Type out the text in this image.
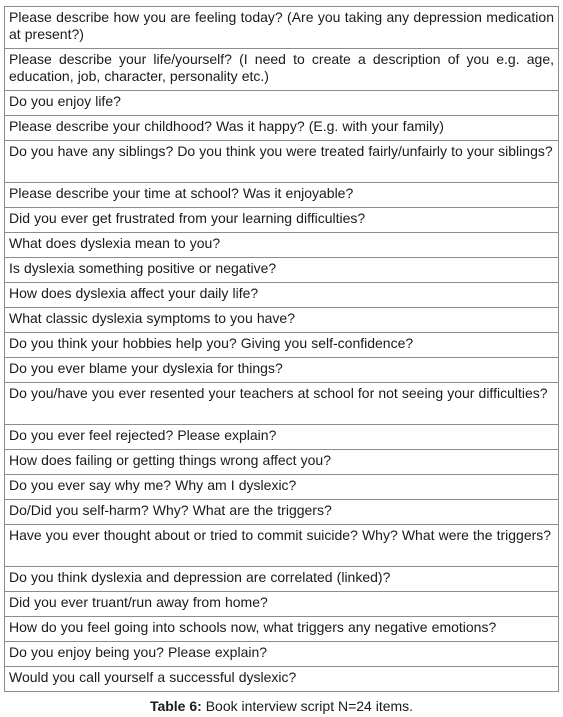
Please describe how you are feeling today? (Are you taking any depression medication at present?)
Please describe your life/yourself? (I need to create a description of you e.g. age, education, job, character, personality etc.)
Do you enjoy life?
Please describe your childhood? Was it happy? (E.g. with your family)
Do you have any siblings? Do you think you were treated fairly/unfairly to your siblings?
Please describe your time at school? Was it enjoyable?
Did you ever get frustrated from your learning difficulties?
What does dyslexia mean to you?
Is dyslexia something positive or negative?
How does dyslexia affect your daily life?
What classic dyslexia symptoms to you have?
Do you think your hobbies help you? Giving you self-confidence?
Do you ever blame your dyslexia for things?
Do you/have you ever resented your teachers at school for not seeing your difficulties?
Do you ever feel rejected? Please explain?
How does failing or getting things wrong affect you?
Do you ever say why me? Why am I dyslexic?
Do/Did you self-harm? Why? What are the triggers?
Have you ever thought about or tried to commit suicide? Why? What were the triggers?
Do you think dyslexia and depression are correlated (linked)?
Did you ever truant/run away from home?
How do you feel going into schools now, what triggers any negative emotions?
Do you enjoy being you? Please explain?
Would you call yourself a successful dyslexic?
Table 6: Book interview script N=24 items.
